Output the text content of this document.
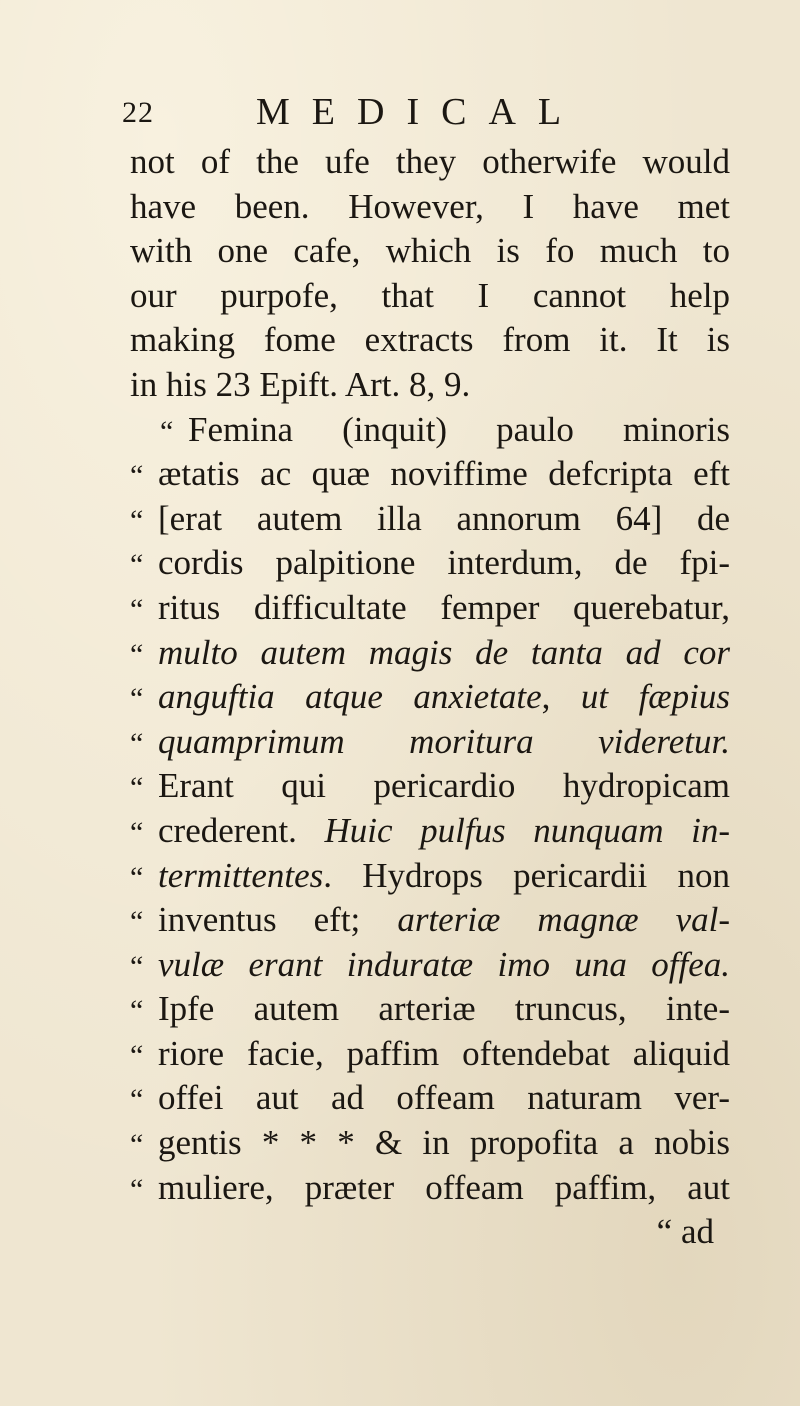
22	MEDICAL
not of the ufe they otherwife would
have been. However, I have met
with one cafe, which is fo much to
our purpofe, that I cannot help
making fome extracts from it. It is
in his 23 Epift. Art. 8, 9.
“ Femina (inquit) paulo minoris
“ ætatis ac quæ noviffime defcripta eft
“ [erat autem illa annorum 64] de
“ cordis palpitione interdum, de fpi-
“ ritus difficultate femper querebatur,
“ multo autem magis de tanta ad cor
“ anguftia atque anxietate, ut fæpius
“ quamprimum moritura videretur.
“ Erant qui pericardio hydropicam
“ crederent. Huic pulfus nunquam in-
“ termittentes. Hydrops pericardii non
“ inventus eft; arteriæ magnæ val-
“ vulæ erant induratæ imo una offea.
“ Ipfe autem arteriæ truncus, inte-
“ riore facie, paffim oftendebat aliquid
“ offei aut ad offeam naturam ver-
“ gentis * * * & in propofita a nobis
“ muliere, præter offeam paffim, aut
“ ad
